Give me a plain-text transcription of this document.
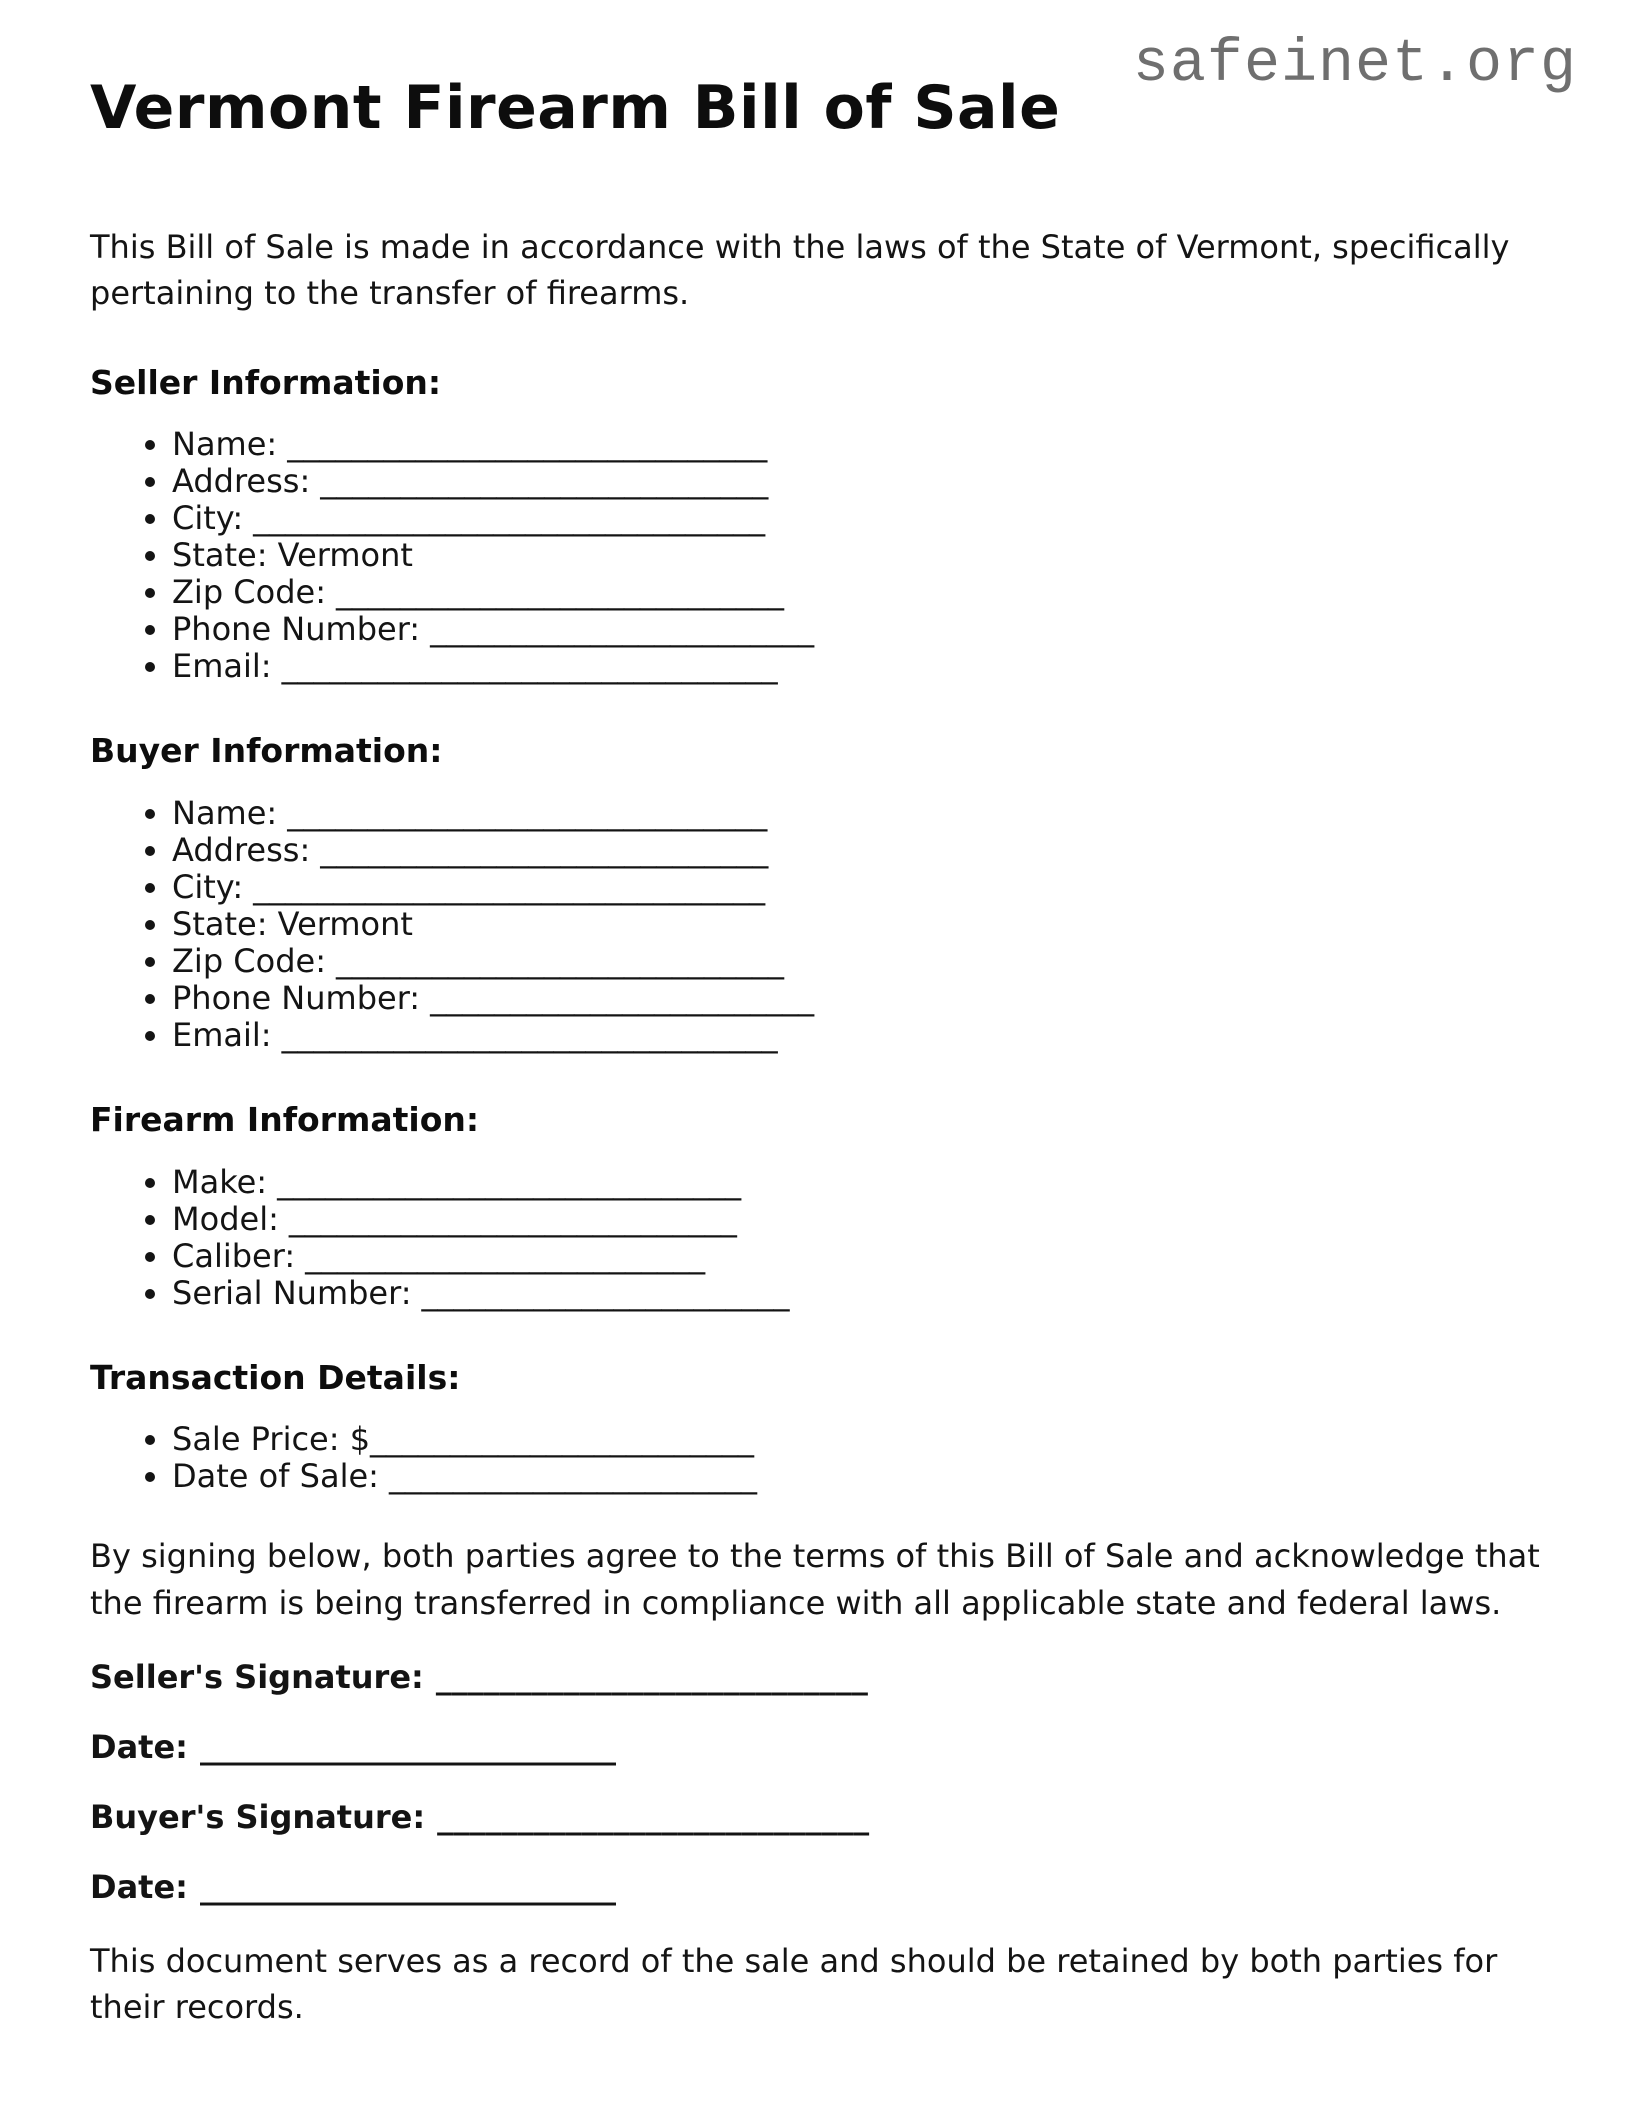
safeinet.org
Vermont Firearm Bill of Sale

This Bill of Sale is made in accordance with the laws of the State of Vermont, specifically pertaining to the transfer of firearms.

Seller Information:
• Name: ______________________________
• Address: ____________________________
• City: ________________________________
• State: Vermont
• Zip Code: ____________________________
• Phone Number: ________________________
• Email: _______________________________
Buyer Information:
• Name: ______________________________
• Address: ____________________________
• City: ________________________________
• State: Vermont
• Zip Code: ____________________________
• Phone Number: ________________________
• Email: _______________________________
Firearm Information:
• Make: _____________________________
• Model: ____________________________
• Caliber: _________________________
• Serial Number: _______________________
Transaction Details:
• Sale Price: $________________________
• Date of Sale: _______________________

By signing below, both parties agree to the terms of this Bill of Sale and acknowledge that the firearm is being transferred in compliance with all applicable state and federal laws.

Seller's Signature: ___________________________

Date: __________________________

Buyer's Signature: ___________________________

Date: __________________________

This document serves as a record of the sale and should be retained by both parties for their records.
